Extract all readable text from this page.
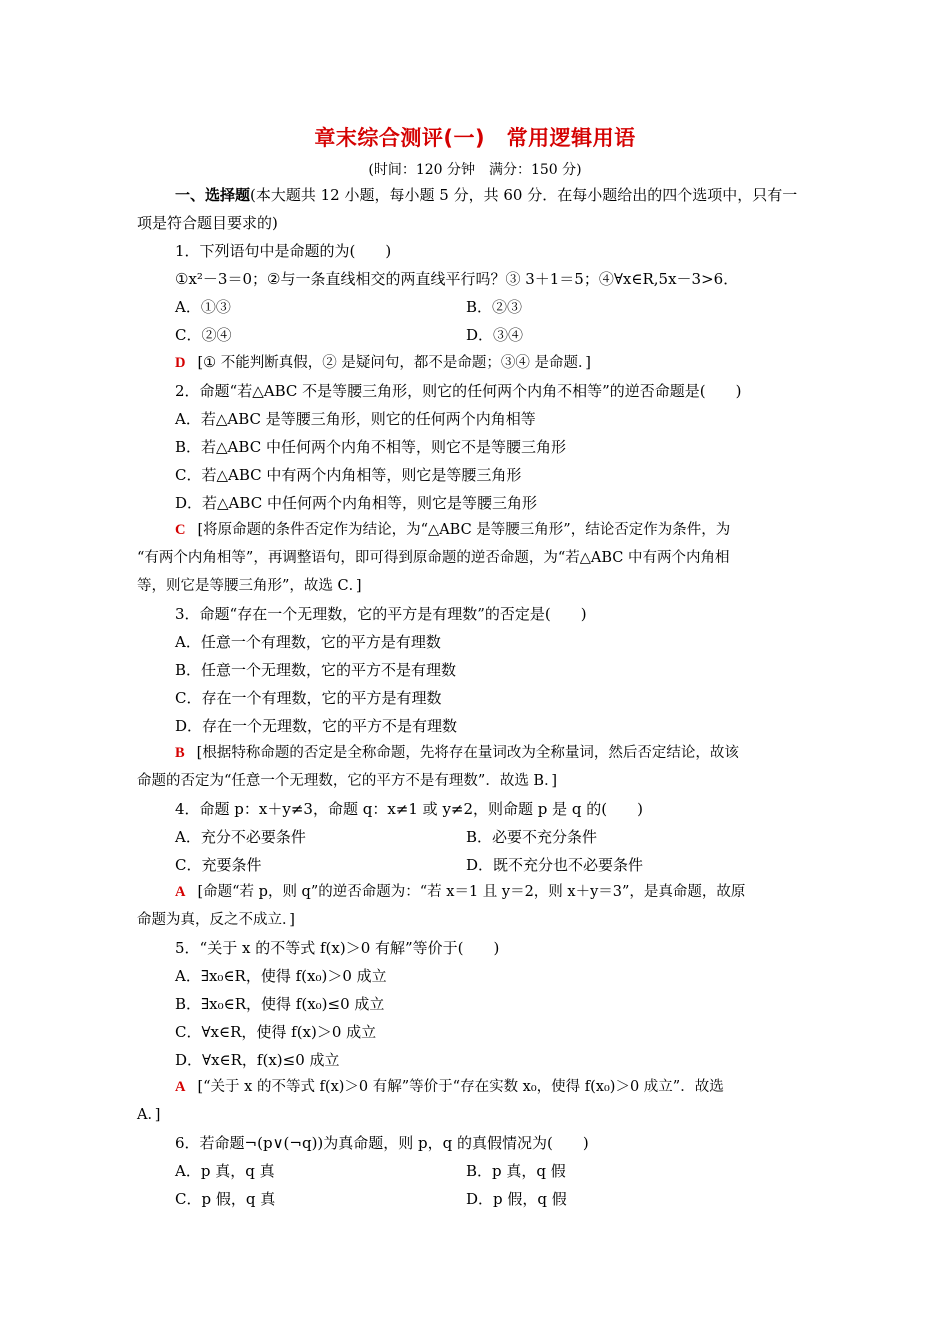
章末综合测评(一)　常用逻辑用语
(时间：120 分钟　满分：150 分)
一、选择题(本大题共 12 小题，每小题 5 分，共 60 分．在每小题给出的四个选项中，只有一
项是符合题目要求的)
1．下列语句中是命题的为(　　)
①x²－3＝0；②与一条直线相交的两直线平行吗？③ 3＋1＝5；④∀x∈R,5x－3>6．
A．①③	B．②③
C．②④	D．③④
D [① 不能判断真假，② 是疑问句，都不是命题；③④ 是命题．]
2．命题“若△ABC 不是等腰三角形，则它的任何两个内角不相等”的逆否命题是(　　)
A．若△ABC 是等腰三角形，则它的任何两个内角相等
B．若△ABC 中任何两个内角不相等，则它不是等腰三角形
C．若△ABC 中有两个内角相等，则它是等腰三角形
D．若△ABC 中任何两个内角相等，则它是等腰三角形
C [将原命题的条件否定作为结论，为“△ABC 是等腰三角形”，结论否定作为条件，为
“有两个内角相等”，再调整语句，即可得到原命题的逆否命题，为“若△ABC 中有两个内角相
等，则它是等腰三角形”，故选 C．]
3．命题“存在一个无理数，它的平方是有理数”的否定是(　　)
A．任意一个有理数，它的平方是有理数
B．任意一个无理数，它的平方不是有理数
C．存在一个有理数，它的平方是有理数
D．存在一个无理数，它的平方不是有理数
B [根据特称命题的否定是全称命题，先将存在量词改为全称量词，然后否定结论，故该
命题的否定为“任意一个无理数，它的平方不是有理数”．故选 B．]
4．命题 p：x＋y≠3，命题 q：x≠1 或 y≠2，则命题 p 是 q 的(　　)
A．充分不必要条件	B．必要不充分条件
C．充要条件	D．既不充分也不必要条件
A [命题“若 p，则 q”的逆否命题为：“若 x＝1 且 y＝2，则 x＋y＝3”，是真命题，故原
命题为真，反之不成立．]
5．“关于 x 的不等式 f(x)＞0 有解”等价于(　　)
A．∃x₀∈R，使得 f(x₀)＞0 成立
B．∃x₀∈R，使得 f(x₀)≤0 成立
C．∀x∈R，使得 f(x)＞0 成立
D．∀x∈R，f(x)≤0 成立
A [“关于 x 的不等式 f(x)＞0 有解”等价于“存在实数 x₀，使得 f(x₀)＞0 成立”．故选
A．]
6．若命题¬(p∨(¬q))为真命题，则 p，q 的真假情况为(　　)
A．p 真，q 真	B．p 真，q 假
C．p 假，q 真	D．p 假，q 假
